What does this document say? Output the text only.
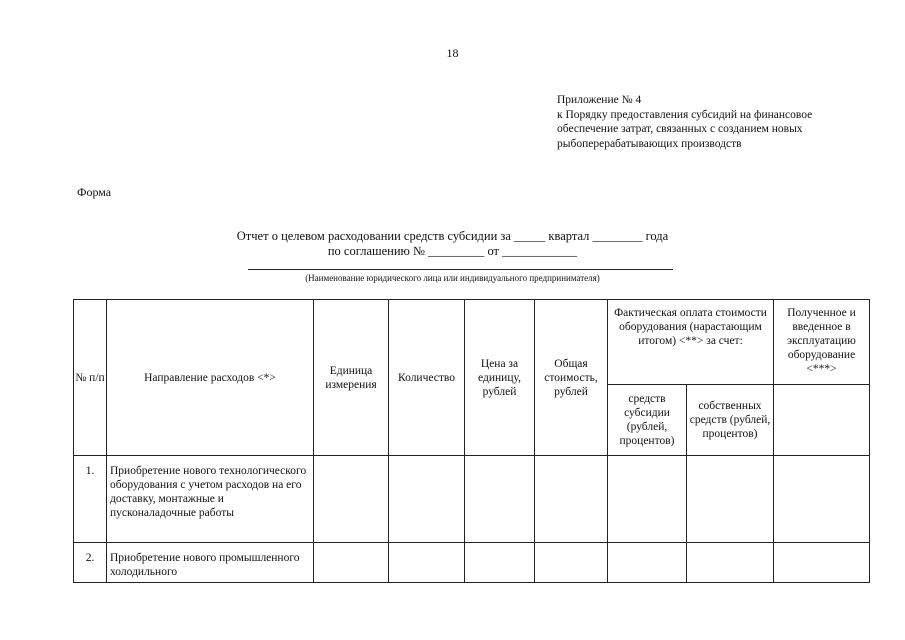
18
Приложение № 4
к Порядку предоставления субсидий на финансовое
обеспечение затрат, связанных с созданием новых
рыбоперерабатывающих производств
Форма
Отчет о целевом расходовании средств субсидии за _____ квартал ________ года
по соглашению № _________ от ____________
(Наименование юридического лица или индивидуального предпринимателя)
№ п/п	Направление расходов <*>	Единица измерения	Количество	Цена за единицу, рублей	Общая стоимость, рублей	Фактическая оплата стоимости оборудования (нарастающим итогом) <**> за счет:		Полученное и введенное в эксплуатацию оборудование <***>
						средств субсидии (рублей, процентов)	собственных средств (рублей, процентов)	
1.	Приобретение нового технологического оборудования с учетом расходов на его доставку, монтажные и пусконаладочные работы							
2.	Приобретение нового промышленного холодильного							
